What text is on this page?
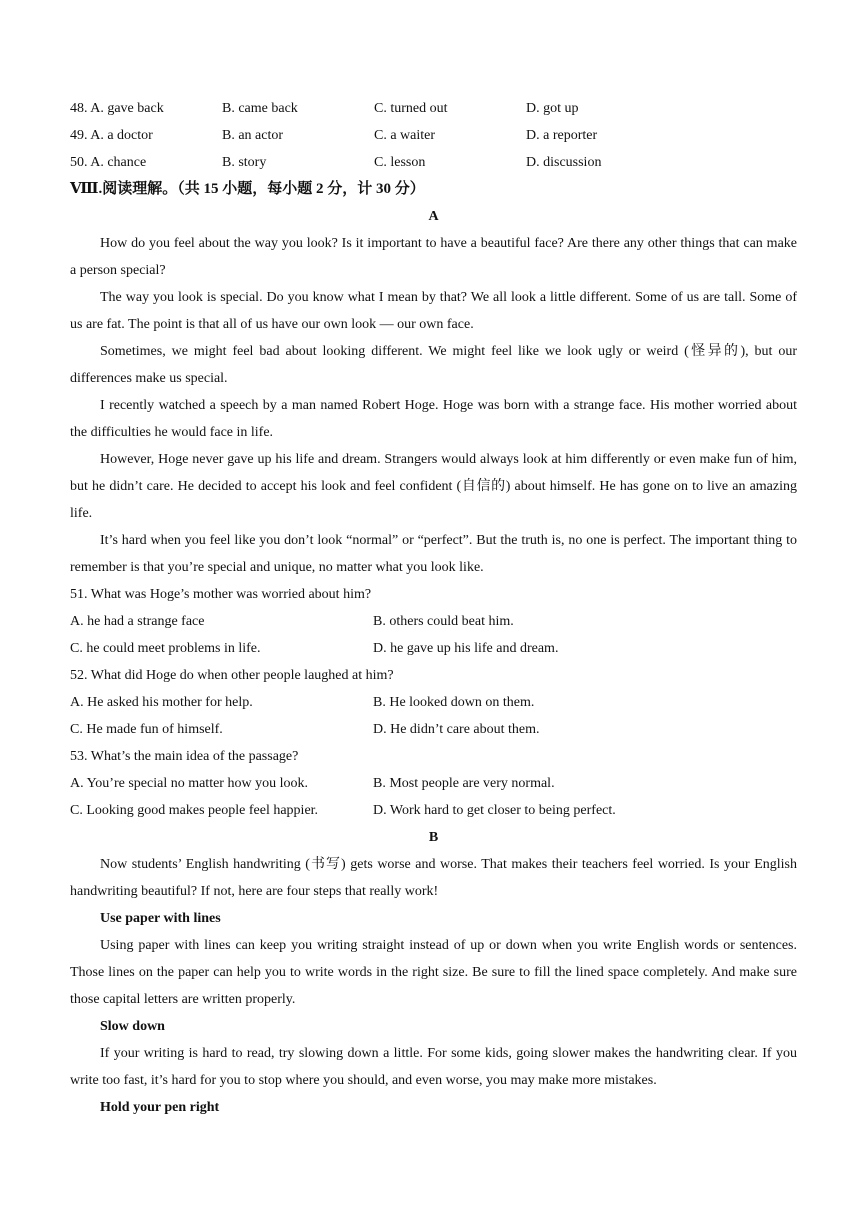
48. A. gave back	B. came back	C. turned out	D. got up
49. A. a doctor	B. an actor	C. a waiter	D. a reporter
50. A. chance	B. story	C. lesson	D. discussion
Ⅷ.阅读理解。（共 15 小题，每小题 2 分，计 30 分）
A

How do you feel about the way you look? Is it important to have a beautiful face? Are there any other things that can make a person special?

The way you look is special. Do you know what I mean by that? We all look a little different. Some of us are tall. Some of us are fat. The point is that all of us have our own look — our own face.

Sometimes, we might feel bad about looking different. We might feel like we look ugly or weird (怪异的), but our differences make us special.

I recently watched a speech by a man named Robert Hoge. Hoge was born with a strange face. His mother worried about the difficulties he would face in life.

However, Hoge never gave up his life and dream. Strangers would always look at him differently or even make fun of him, but he didn’t care. He decided to accept his look and feel confident (自信的) about himself. He has gone on to live an amazing life.

It’s hard when you feel like you don’t look “normal” or “perfect”. But the truth is, no one is perfect. The important thing to remember is that you’re special and unique, no matter what you look like.

51. What was Hoge’s mother was worried about him?
A. he had a strange face	B. others could beat him.
C. he could meet problems in life.	D. he gave up his life and dream.
52. What did Hoge do when other people laughed at him?
A. He asked his mother for help.	B. He looked down on them.
C. He made fun of himself.	D. He didn’t care about them.
53. What’s the main idea of the passage?
A. You’re special no matter how you look.	B. Most people are very normal.
C. Looking good makes people feel happier.	D. Work hard to get closer to being perfect.
B

Now students’ English handwriting (书写) gets worse and worse. That makes their teachers feel worried. Is your English handwriting beautiful? If not, here are four steps that really work!

Use paper with lines

Using paper with lines can keep you writing straight instead of up or down when you write English words or sentences. Those lines on the paper can help you to write words in the right size. Be sure to fill the lined space completely. And make sure those capital letters are written properly.

Slow down

If your writing is hard to read, try slowing down a little. For some kids, going slower makes the handwriting clear. If you write too fast, it’s hard for you to stop where you should, and even worse, you may make more mistakes.

Hold your pen right
